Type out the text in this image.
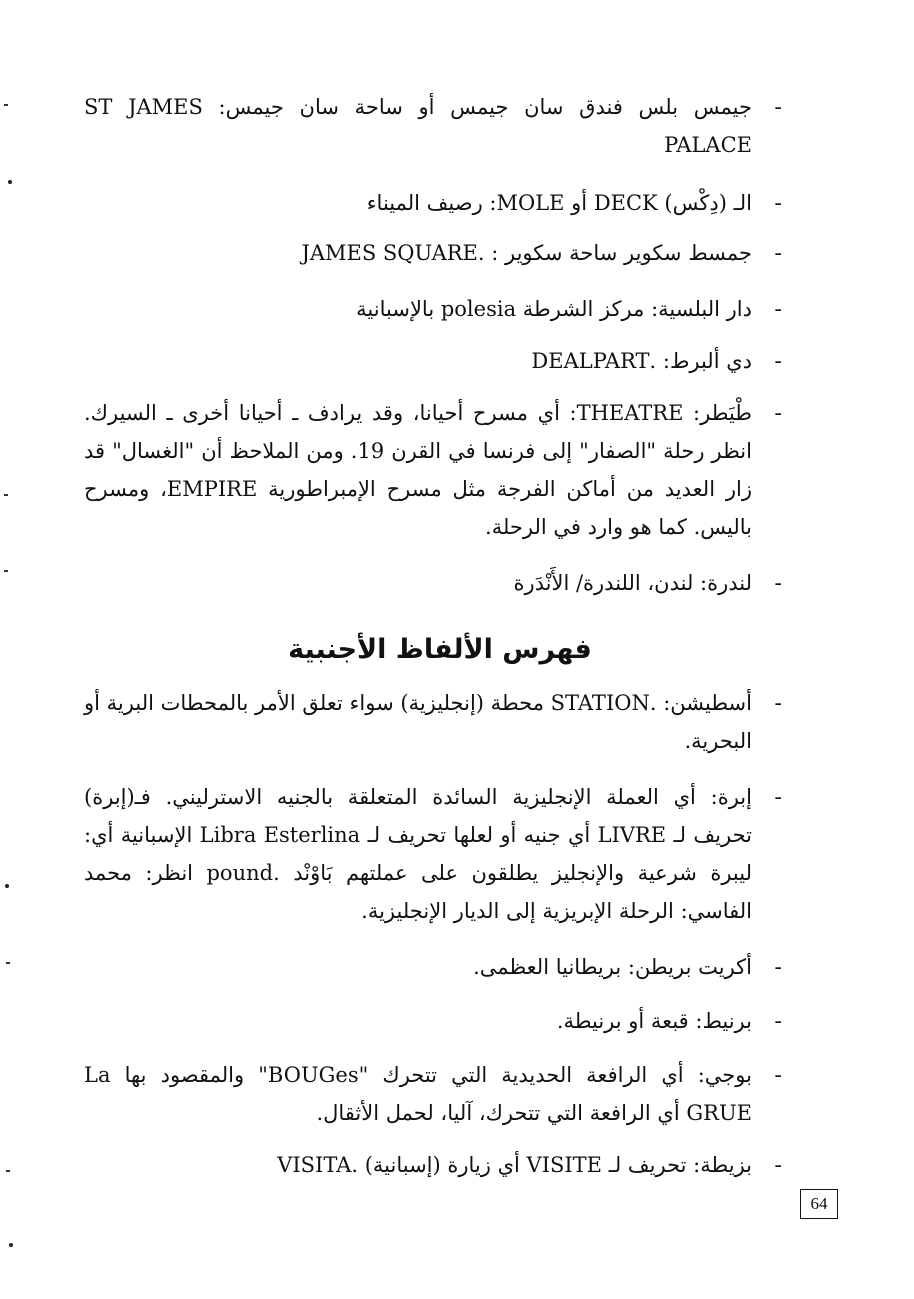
-
جيمس بلس فندق سان جيمس أو ساحة سان جيمس: ST JAMES PALACE
-
الـ (دِكْس) DECK أو MOLE: رصيف الميناء
-
جمسط سكوير ساحة سكوير : .JAMES SQUARE
-
دار البلسية: مركز الشرطة polesia بالإسبانية
-
دي ألبرط: .DEALPART
-
طْيَطر: THEATRE: أي مسرح أحيانا، وقد يرادف ـ أحيانا أخرى ـ السيرك. انظر رحلة "الصفار" إلى فرنسا في القرن 19. ومن الملاحظ أن "الغسال" قد زار العديد من أماكن الفرجة مثل مسرح الإمبراطورية EMPIRE، ومسرح باليس. كما هو وارد في الرحلة.
-
لندرة: لندن، اللندرة/ الأَنْدَرة
فهرس الألفاظ الأجنبية
-
أسطيشن: .STATION محطة (إنجليزية) سواء تعلق الأمر بالمحطات البرية أو البحرية.
-
إبرة: أي العملة الإنجليزية السائدة المتعلقة بالجنيه الاسترليني. فـ(إبرة) تحريف لـ LIVRE أي جنيه أو لعلها تحريف لـ Libra Esterlina الإسبانية أي: ليبرة شرعية والإنجليز يطلقون على عملتهم بَاوْنْد .pound انظر: محمد الفاسي: الرحلة الإبريزية إلى الديار الإنجليزية.
-
أكريت بريطن: بريطانيا العظمى.
-
برنيط: قبعة أو برنيطة.
-
بوجي: أي الرافعة الحديدية التي تتحرك "BOUGes" والمقصود بها La GRUE أي الرافعة التي تتحرك، آليا، لحمل الأثقال.
-
بزيطة: تحريف لـ VISITE أي زيارة (إسبانية) .VISITA
64
